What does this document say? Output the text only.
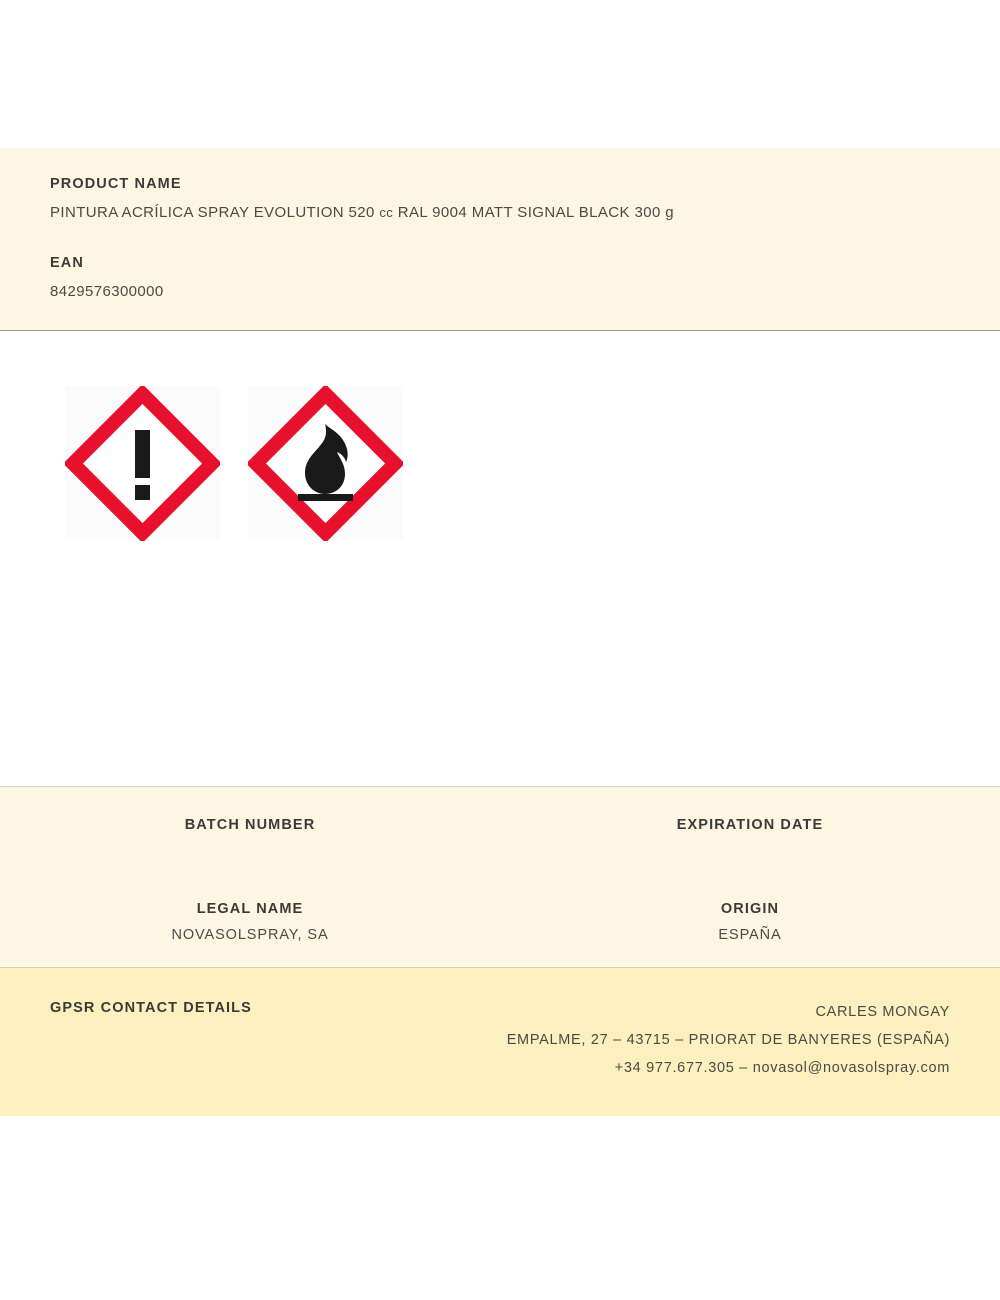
PRODUCT NAME

PINTURA ACRÍLICA SPRAY EVOLUTION 520 cc RAL 9004 MATT SIGNAL BLACK 300 g

EAN

8429576300000

BATCH NUMBER	EXPIRATION DATE

LEGAL NAME

NOVASOLSPRAY, SA

ORIGIN

ESPAÑA

GPSR CONTACT DETAILS	CARLES MONGAY
EMPALME, 27 – 43715 – PRIORAT DE BANYERES (ESPAÑA)
+34 977.677.305 – novasol@novasolspray.com
